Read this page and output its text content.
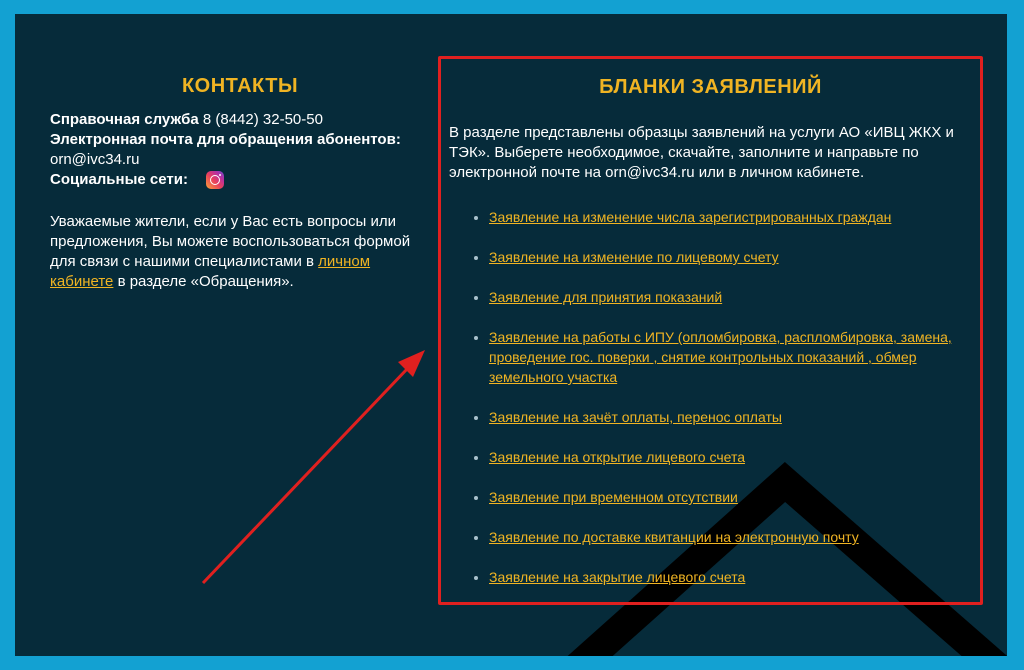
КОНТАКТЫ

Справочная служба 8 (8442) 32-50-50

Электронная почта для обращения абонентов:

orn@ivc34.ru

Социальные сети:

Уважаемые жители, если у Вас есть вопросы или предложения, Вы можете воспользоваться формой для связи с нашими специалистами в личном кабинете в разделе «Обращения».

БЛАНКИ ЗАЯВЛЕНИЙ

В разделе представлены образцы заявлений на услуги АО «ИВЦ ЖКХ и ТЭК». Выберете необходимое, скачайте, заполните и направьте по электронной почте на orn@ivc34.ru или в личном кабинете.

• Заявление на изменение числа зарегистрированных граждан
• Заявление на изменение по лицевому счету
• Заявление для принятия показаний
• Заявление на работы с ИПУ (опломбировка, распломбировка, замена, проведение гос. поверки , снятие контрольных показаний , обмер земельного участка
• Заявление на зачёт оплаты, перенос оплаты
• Заявление на открытие лицевого счета
• Заявление при временном отсутствии
• Заявление по доставке квитанции на электронную почту
• Заявление на закрытие лицевого счета
